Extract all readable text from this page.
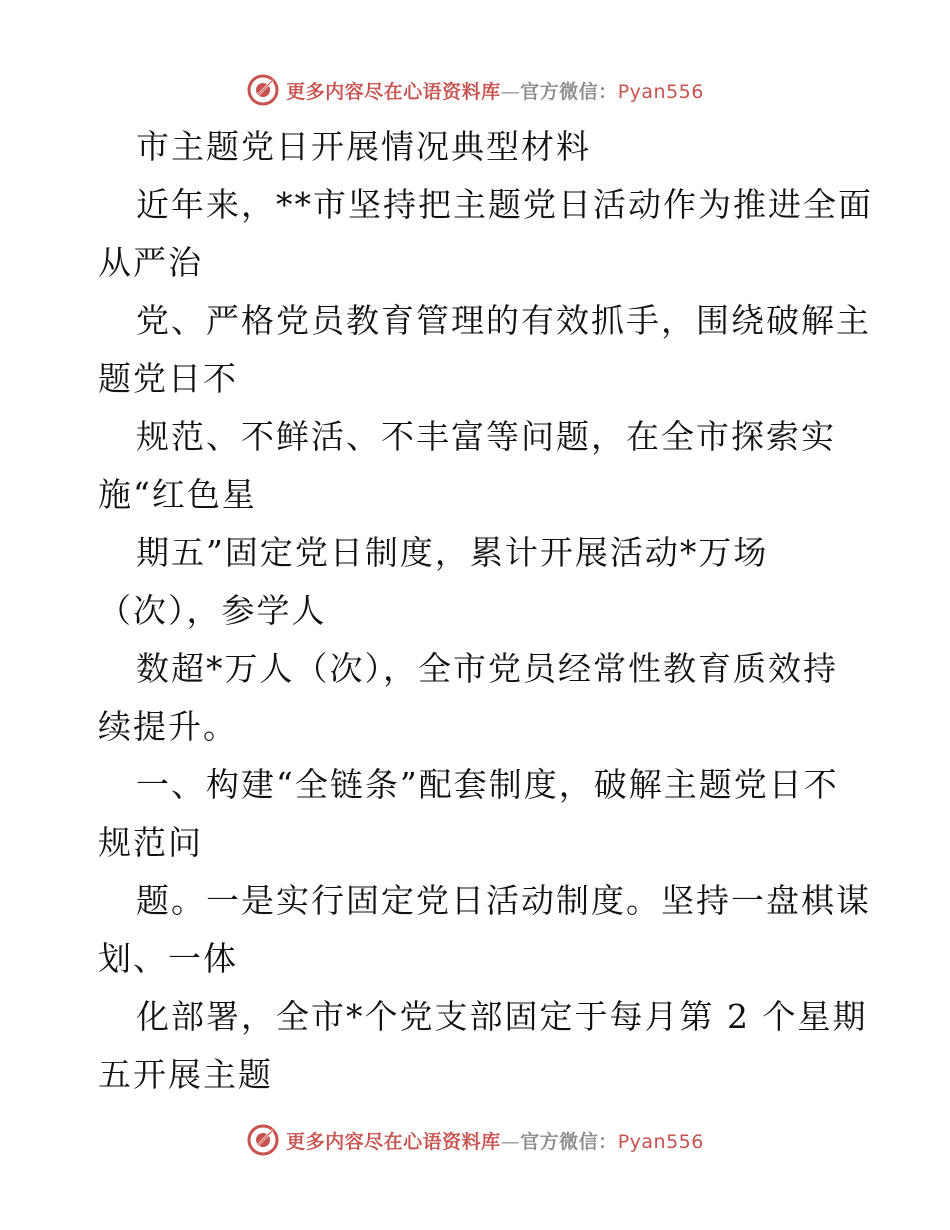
更多内容尽在心语资料库—官方微信：Pyan556
市主题党日开展情况典型材料
近年来，**市坚持把主题党日活动作为推进全面
从严治
党、严格党员教育管理的有效抓手，围绕破解主
题党日不
规范、不鲜活、不丰富等问题，在全市探索实
施“红色星
期五”固定党日制度，累计开展活动*万场
（次），参学人
数超*万人（次），全市党员经常性教育质效持
续提升。
一、构建“全链条”配套制度，破解主题党日不
规范问
题。一是实行固定党日活动制度。坚持一盘棋谋
划、一体
化部署，全市*个党支部固定于每月第 2 个星期
五开展主题
更多内容尽在心语资料库—官方微信：Pyan556
